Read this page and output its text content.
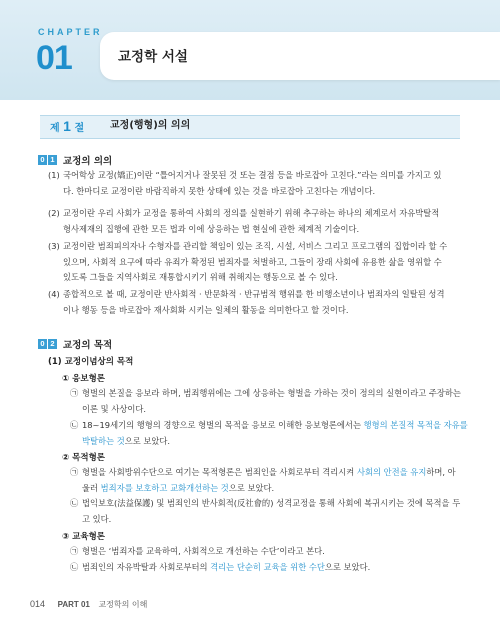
CHAPTER
01	교정학 서설
제 1 절	교정(행형)의 의의
0 1 교정의 의의
(1) 국어학상 교정(矯正)이란 “틀어지거나 잘못된 것 또는 결점 등을 바로잡아 고친다.”라는 의미를 가지고 있
다. 한마디로 교정이란 바람직하지 못한 상태에 있는 것을 바로잡아 고친다는 개념이다.
(2) 교정이란 우리 사회가 교정을 통하여 사회의 정의를 실현하기 위해 추구하는 하나의 체계로서 자유박탈적
형사제재의 집행에 관한 모든 법과 이에 상응하는 법 현실에 관한 체계적 기술이다.
(3) 교정이란 범죄피의자나 수형자를 관리할 책임이 있는 조직, 시설, 서비스 그리고 프로그램의 집합이라 할 수
있으며, 사회적 요구에 따라 유죄가 확정된 범죄자를 처벌하고, 그들이 장래 사회에 유용한 삶을 영위할 수
있도록 그들을 지역사회로 재통합시키기 위해 취해지는 행동으로 볼 수 있다.
(4) 종합적으로 볼 때, 교정이란 반사회적 · 반문화적 · 반규범적 행위를 한 비행소년이나 범죄자의 일탈된 성격
이나 행동 등을 바로잡아 재사회화 시키는 일체의 활동을 의미한다고 할 것이다.
0 2 교정의 목적
(1) 교정이념상의 목적
① 응보형론
㉠ 형벌의 본질을 응보라 하며, 범죄행위에는 그에 상응하는 형벌을 가하는 것이 정의의 실현이라고 주장하는
이론 및 사상이다.
㉡ 18~19세기의 행형의 경향으로 형벌의 목적을 응보로 이해한 응보형론에서는 행형의 본질적 목적을 자유를
박탈하는 것으로 보았다.
② 목적형론
㉠ 형벌을 사회방위수단으로 여기는 목적형론은 범죄인을 사회로부터 격리시켜 사회의 안전을 유지하며, 아
울러 범죄자를 보호하고 교화개선하는 것으로 보았다.
㉡ 법익보호(法益保護) 및 범죄인의 반사회적(反社會的) 성격교정을 통해 사회에 복귀시키는 것에 목적을 두
고 있다.
③ 교육형론
㉠ 형벌은 ‘범죄자를 교육하여, 사회적으로 개선하는 수단’이라고 본다.
㉡ 범죄인의 자유박탈과 사회로부터의 격리는 단순히 교육을 위한 수단으로 보았다.
014 PART 01 교정학의 이해
